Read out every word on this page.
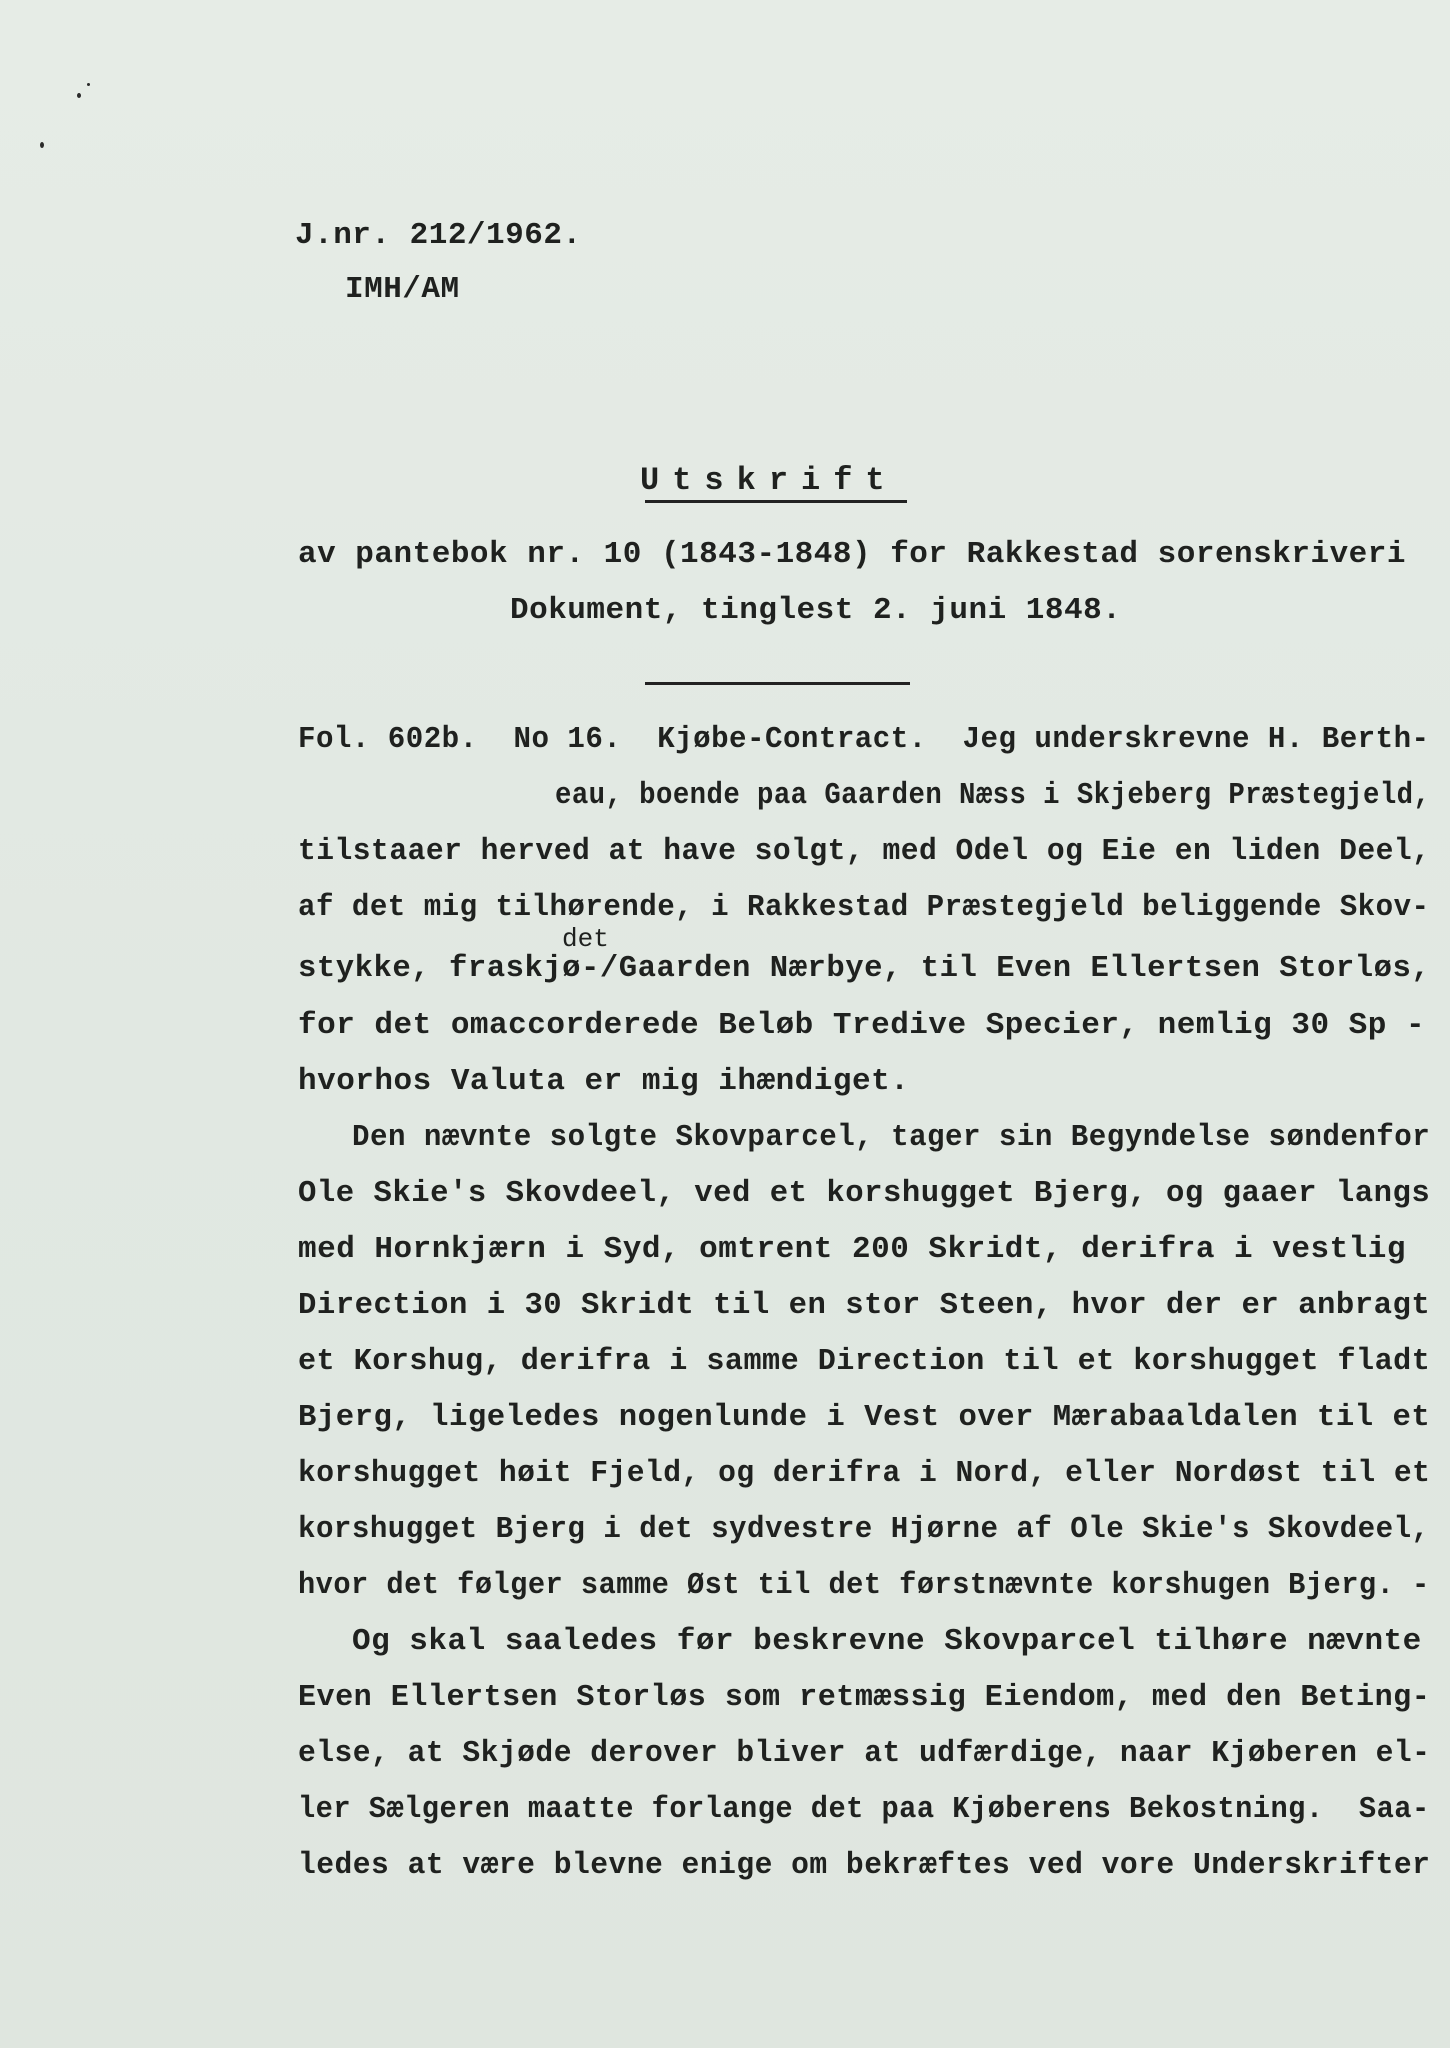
J.nr. 212/1962.
IMH/AM
Utskrift
av pantebok nr. 10 (1843-1848) for Rakkestad sorenskriveri
Dokument, tinglest 2. juni 1848.
det
Fol. 602b.  No 16.  Kjøbe-Contract.  Jeg underskrevne H. Berth-
eau, boende paa Gaarden Næss i Skjeberg Præstegjeld,
tilstaaer herved at have solgt, med Odel og Eie en liden Deel,
af det mig tilhørende, i Rakkestad Præstegjeld beliggende Skov-
stykke, fraskjø-/Gaarden Nærbye, til Even Ellertsen Storløs,
for det omaccorderede Beløb Tredive Specier, nemlig 30 Sp -
hvorhos Valuta er mig ihændiget.
Den nævnte solgte Skovparcel, tager sin Begyndelse søndenfor
Ole Skie's Skovdeel, ved et korshugget Bjerg, og gaaer langs
med Hornkjærn i Syd, omtrent 200 Skridt, derifra i vestlig
Direction i 30 Skridt til en stor Steen, hvor der er anbragt
et Korshug, derifra i samme Direction til et korshugget fladt
Bjerg, ligeledes nogenlunde i Vest over Mærabaaldalen til et
korshugget høit Fjeld, og derifra i Nord, eller Nordøst til et
korshugget Bjerg i det sydvestre Hjørne af Ole Skie's Skovdeel,
hvor det følger samme Øst til det førstnævnte korshugen Bjerg. -
Og skal saaledes før beskrevne Skovparcel tilhøre nævnte
Even Ellertsen Storløs som retmæssig Eiendom, med den Beting-
else, at Skjøde derover bliver at udfærdige, naar Kjøberen el-
ler Sælgeren maatte forlange det paa Kjøberens Bekostning.  Saa-
ledes at være blevne enige om bekræftes ved vore Underskrifter
